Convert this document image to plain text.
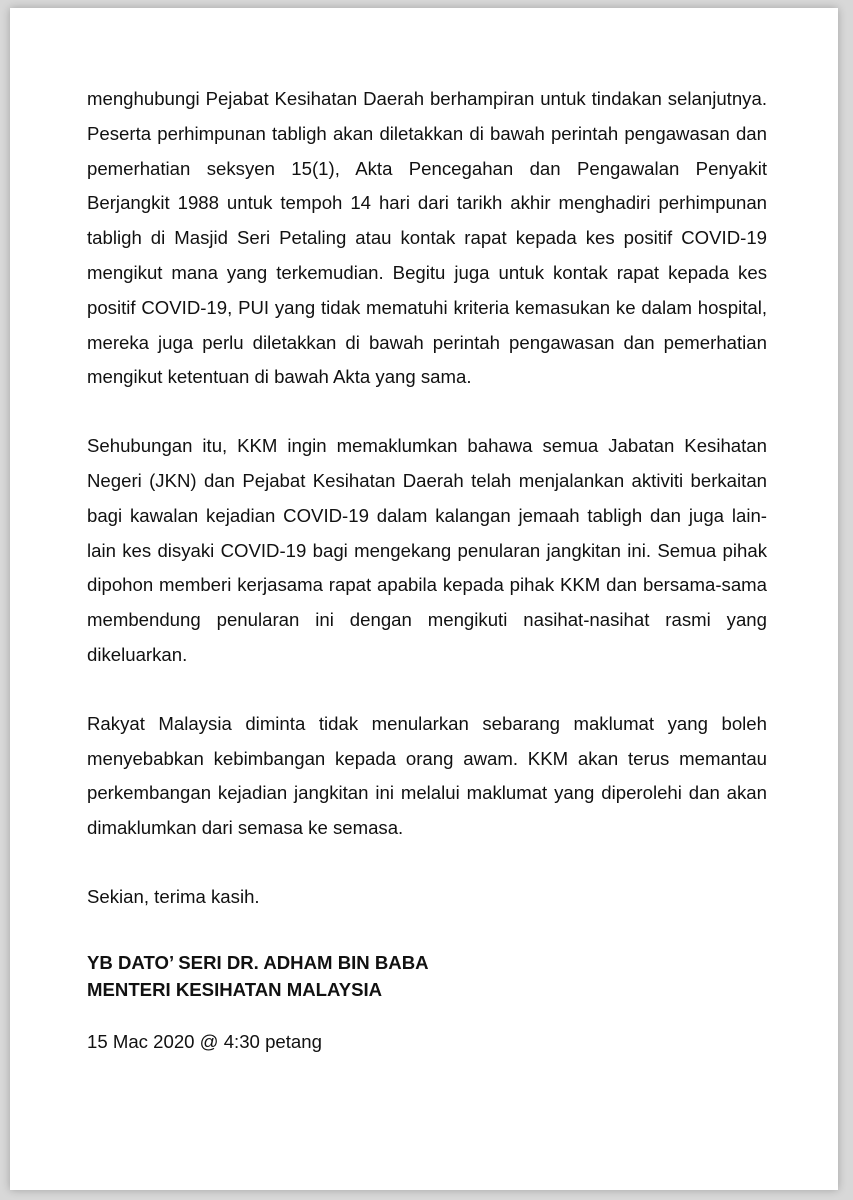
menghubungi Pejabat Kesihatan Daerah berhampiran untuk tindakan selanjutnya. Peserta perhimpunan tabligh akan diletakkan di bawah perintah pengawasan dan pemerhatian seksyen 15(1), Akta Pencegahan dan Pengawalan Penyakit Berjangkit 1988 untuk tempoh 14 hari dari tarikh akhir menghadiri perhimpunan tabligh di Masjid Seri Petaling atau kontak rapat kepada kes positif COVID-19 mengikut mana yang terkemudian. Begitu juga untuk kontak rapat kepada kes positif COVID-19, PUI yang tidak mematuhi kriteria kemasukan ke dalam hospital, mereka juga perlu diletakkan di bawah perintah pengawasan dan pemerhatian mengikut ketentuan di bawah Akta yang sama.

Sehubungan itu, KKM ingin memaklumkan bahawa semua Jabatan Kesihatan Negeri (JKN) dan Pejabat Kesihatan Daerah telah menjalankan aktiviti berkaitan bagi kawalan kejadian COVID-19 dalam kalangan jemaah tabligh dan juga lain-lain kes disyaki COVID-19 bagi mengekang penularan jangkitan ini. Semua pihak dipohon memberi kerjasama rapat apabila kepada pihak KKM dan bersama-sama membendung penularan ini dengan mengikuti nasihat-nasihat rasmi yang dikeluarkan.

Rakyat Malaysia diminta tidak menularkan sebarang maklumat yang boleh menyebabkan kebimbangan kepada orang awam. KKM akan terus memantau perkembangan kejadian jangkitan ini melalui maklumat yang diperolehi dan akan dimaklumkan dari semasa ke semasa.

Sekian, terima kasih.

YB DATO’ SERI DR. ADHAM BIN BABA
MENTERI KESIHATAN MALAYSIA
15 Mac 2020 @ 4:30 petang
